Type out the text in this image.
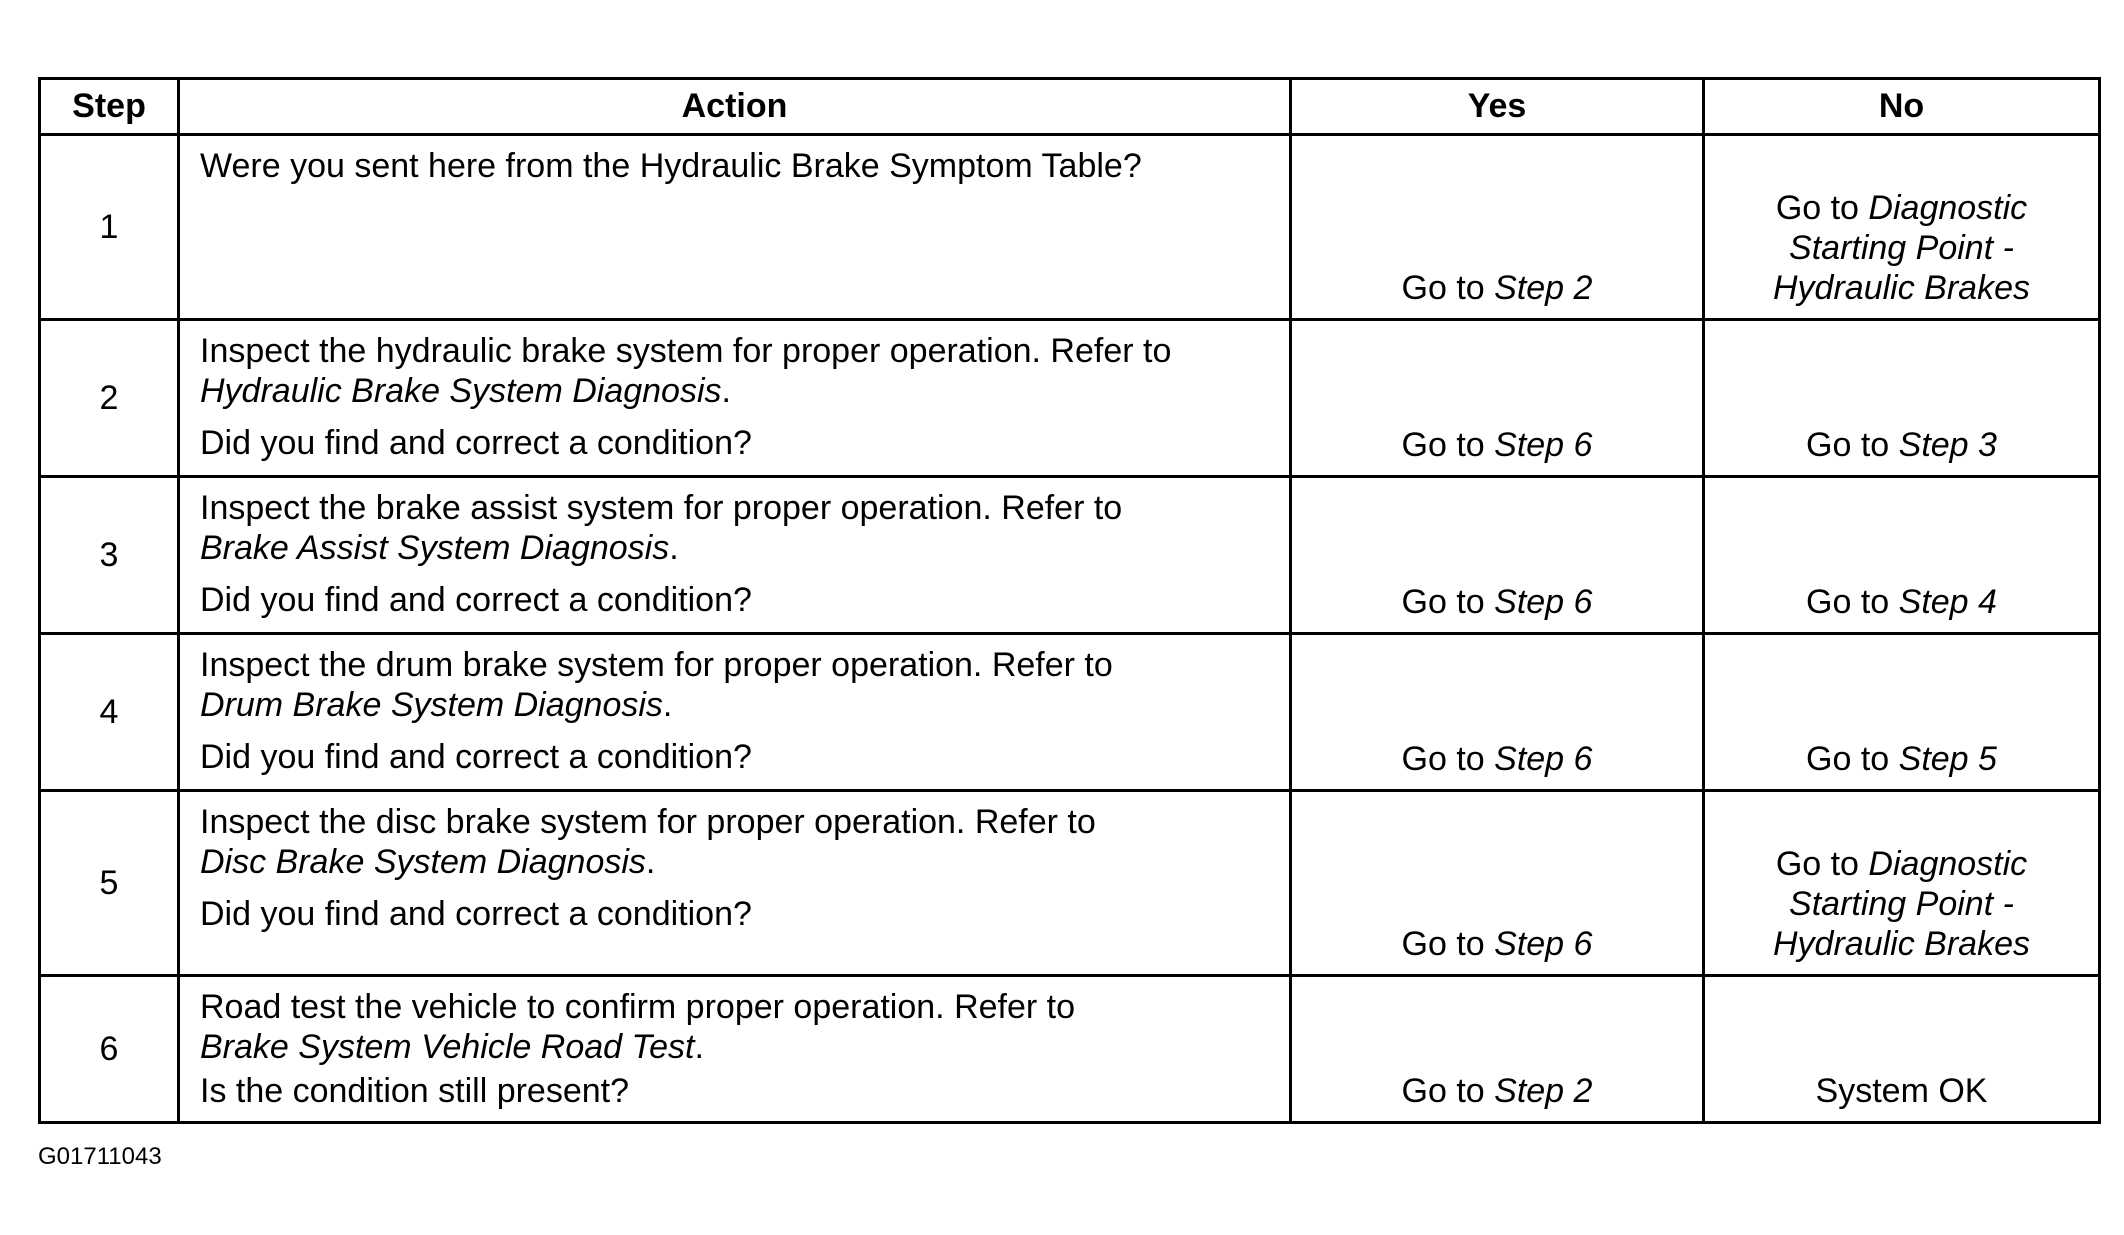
Step	Action	Yes	No
1	Were you sent here from the Hydraulic Brake Symptom Table?	Go to Step 2	Go to Diagnostic Starting Point - Hydraulic Brakes
2	Inspect the hydraulic brake system for proper operation. Refer to
Hydraulic Brake System Diagnosis.
Did you find and correct a condition?	Go to Step 6	Go to Step 3
3	Inspect the brake assist system for proper operation. Refer to
Brake Assist System Diagnosis.
Did you find and correct a condition?	Go to Step 6	Go to Step 4
4	Inspect the drum brake system for proper operation. Refer to
Drum Brake System Diagnosis.
Did you find and correct a condition?	Go to Step 6	Go to Step 5
5	Inspect the disc brake system for proper operation. Refer to
Disc Brake System Diagnosis.
Did you find and correct a condition?	Go to Step 6	Go to Diagnostic Starting Point - Hydraulic Brakes
6	Road test the vehicle to confirm proper operation. Refer to
Brake System Vehicle Road Test.
Is the condition still present?	Go to Step 2	System OK
G01711043
